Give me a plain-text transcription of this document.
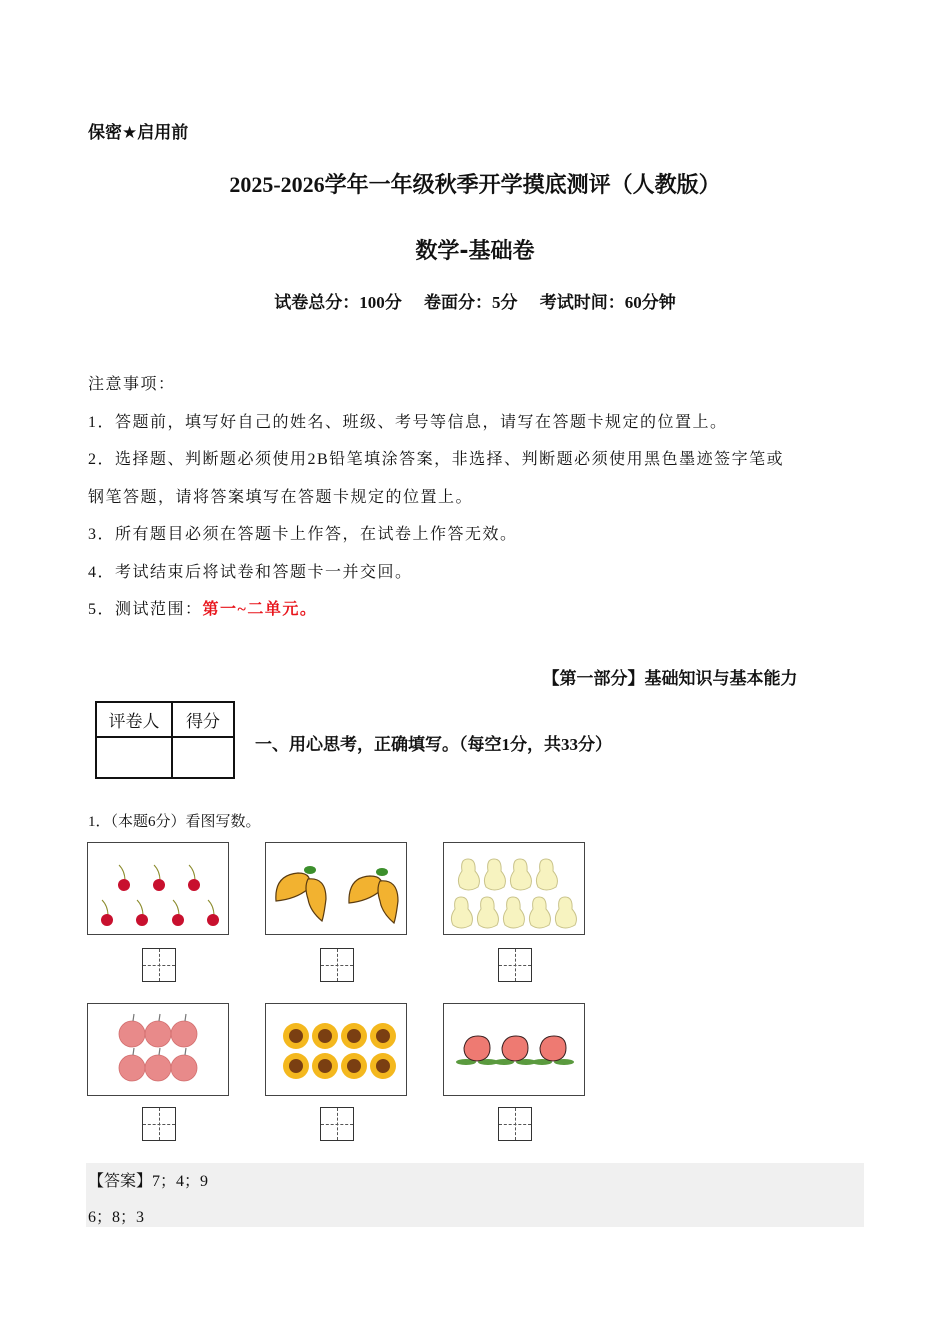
保密★启用前
2025-2026学年一年级秋季开学摸底测评（人教版）
数学-基础卷
试卷总分：100分 卷面分：5分 考试时间：60分钟
注意事项：
1．答题前，填写好自己的姓名、班级、考号等信息，请写在答题卡规定的位置上。
2．选择题、判断题必须使用2B铅笔填涂答案，非选择、判断题必须使用黑色墨迹签字笔或
钢笔答题，请将答案填写在答题卡规定的位置上。
3．所有题目必须在答题卡上作答，在试卷上作答无效。
4．考试结束后将试卷和答题卡一并交回。
5．测试范围：第一~二单元。
【第一部分】基础知识与基本能力
评卷人	得分

一、用心思考，正确填写。（每空1分，共33分）
1．（本题6分）看图写数。
【答案】7；4；9
6；8；3
